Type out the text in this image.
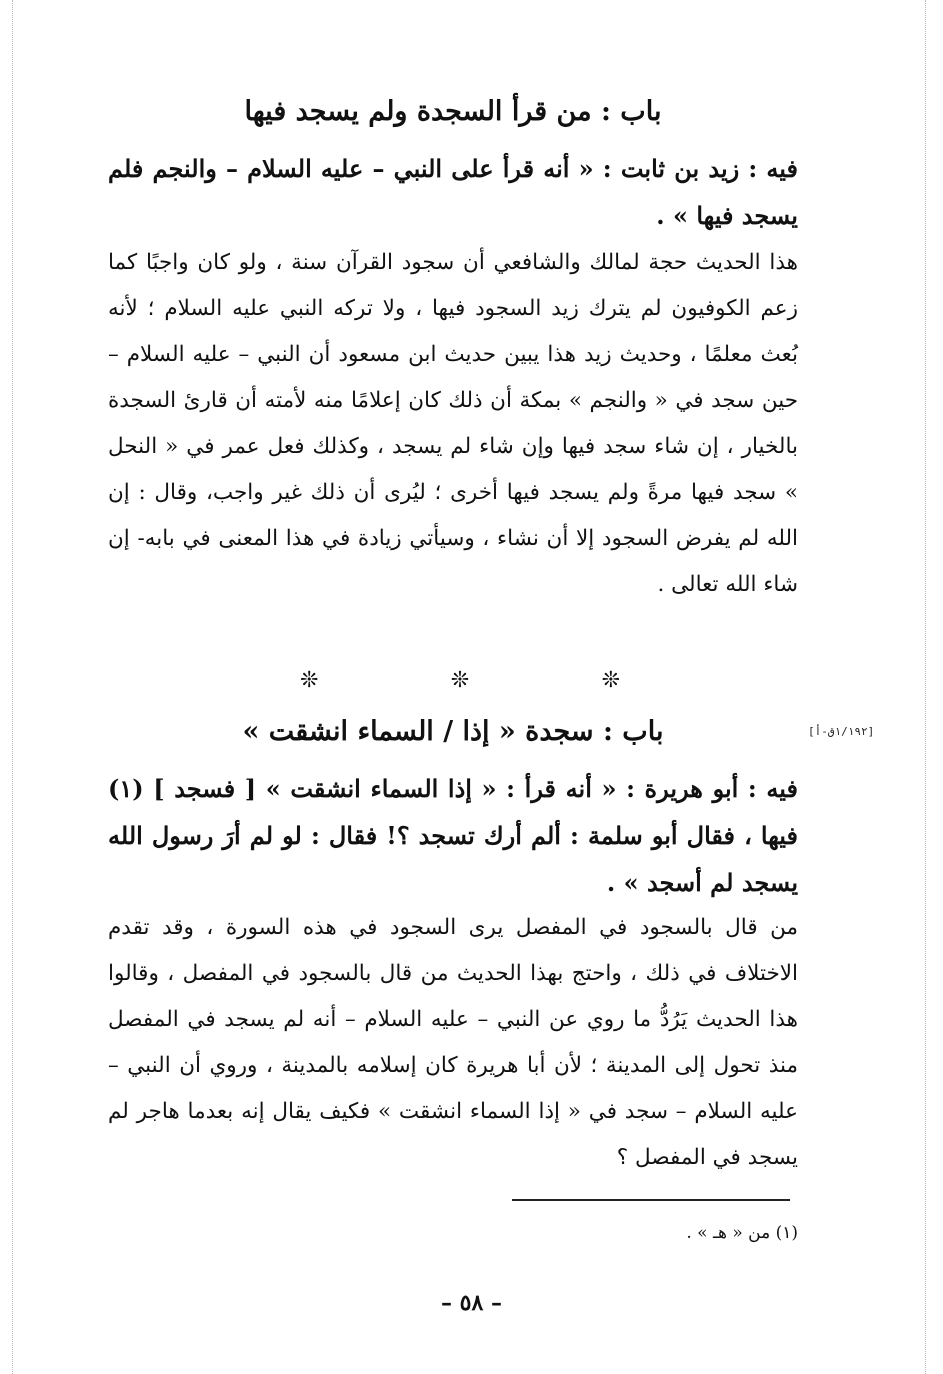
باب : من قرأ السجدة ولم يسجد فيها
فيه : زيد بن ثابت : « أنه قرأ على النبي – عليه السلام – والنجم فلم يسجد فيها » .
هذا الحديث حجة لمالك والشافعي أن سجود القرآن سنة ، ولو كان واجبًا كما زعم الكوفيون لم يترك زيد السجود فيها ، ولا تركه النبي عليه السلام ؛ لأنه بُعث معلمًا ، وحديث زيد هذا يبين حديث ابن مسعود أن النبي – عليه السلام – حين سجد في « والنجم » بمكة أن ذلك كان إعلامًا منه لأمته أن قارئ السجدة بالخيار ، إن شاء سجد فيها وإن شاء لم يسجد ، وكذلك فعل عمر في « النحل » سجد فيها مرةً ولم يسجد فيها أخرى ؛ ليُرى أن ذلك غير واجب، وقال : إن الله لم يفرض السجود إلا أن نشاء ، وسيأتي زيادة في هذا المعنى في بابه- إن شاء الله تعالى .
❊
❊
❊
[١/١٩٢ق-أ]
باب : سجدة « إذا / السماء انشقت »
فيه : أبو هريرة : « أنه قرأ : « إذا السماء انشقت » [ فسجد ] (١) فيها ، فقال أبو سلمة : ألم أرك تسجد ؟! فقال : لو لم أرَ رسول الله يسجد لم أسجد » .
من قال بالسجود في المفصل يرى السجود في هذه السورة ، وقد تقدم الاختلاف في ذلك ، واحتج بهذا الحديث من قال بالسجود في المفصل ، وقالوا هذا الحديث يَرُدُّ ما روي عن النبي – عليه السلام – أنه لم يسجد في المفصل منذ تحول إلى المدينة ؛ لأن أبا هريرة كان إسلامه بالمدينة ، وروي أن النبي – عليه السلام – سجد في « إذا السماء انشقت » فكيف يقال إنه بعدما هاجر لم يسجد في المفصل ؟
(١) من « هـ » .
– ٥٨ –
